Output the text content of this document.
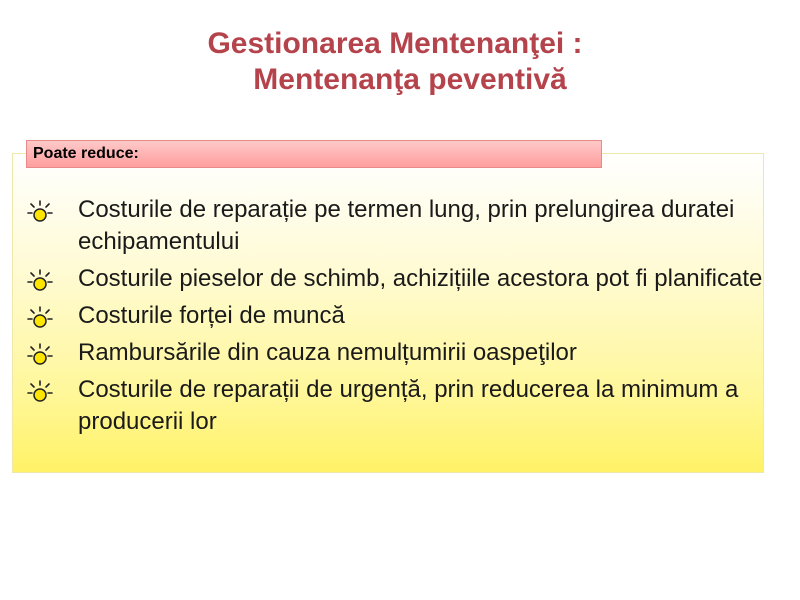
Gestionarea Mentenanţei :
Mentenanţa peventivă
Poate reduce:
Costurile de reparație pe termen lung, prin prelungirea duratei echipamentului
Costurile pieselor de schimb, achizițiile acestora pot fi planificate
Costurile forței de muncă
Rambursările din cauza nemulțumirii oaspeţilor
Costurile de reparații de urgență, prin reducerea la minimum a producerii lor
